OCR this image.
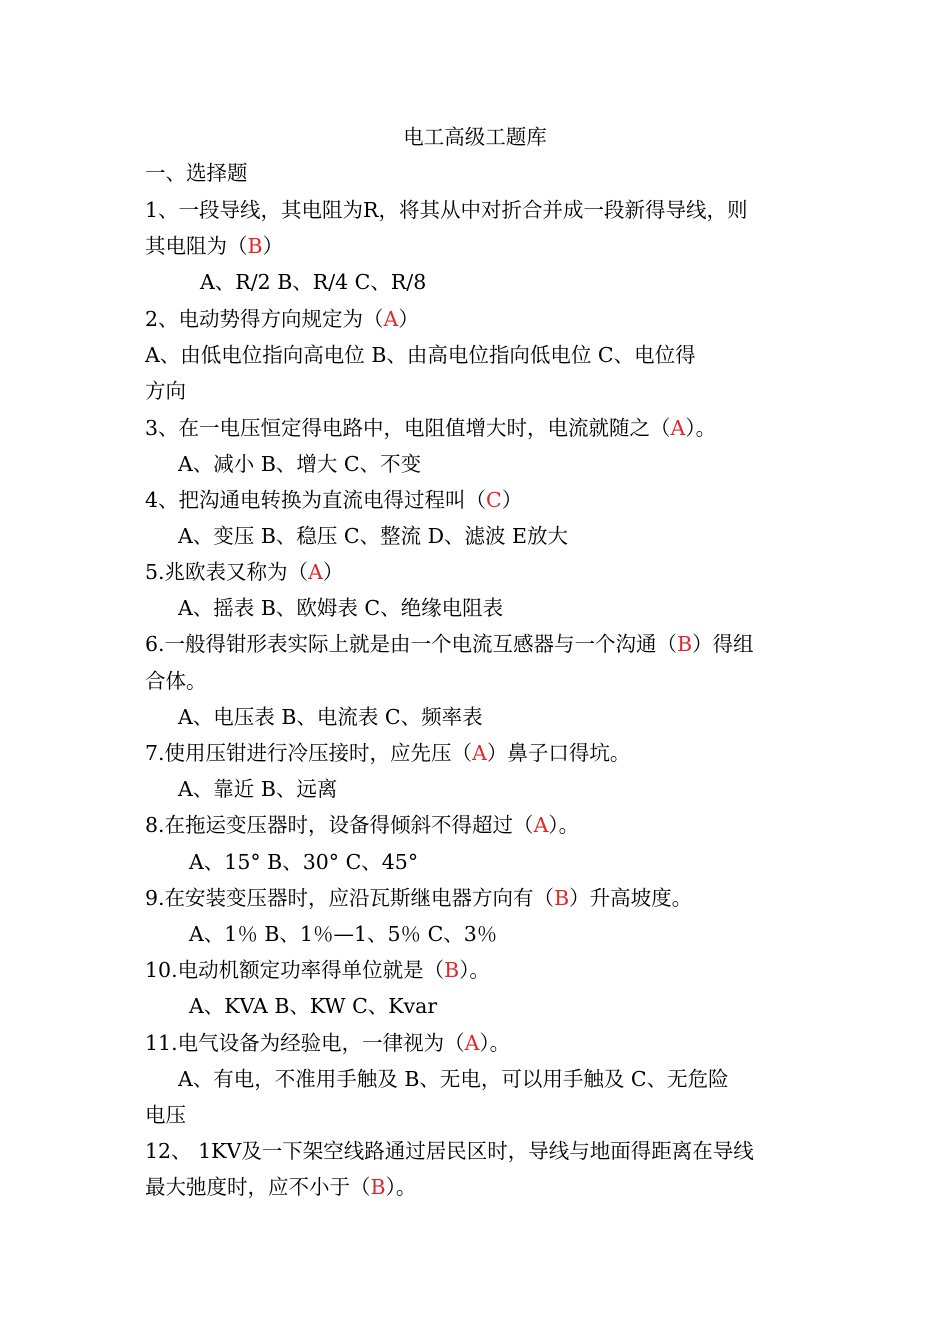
电工高级工题库
一、选择题
1、一段导线，其电阻为R，将其从中对折合并成一段新得导线，则
其电阻为（B）
A、R/2 B、R/4 C、R/8
2、电动势得方向规定为（A）
A、由低电位指向高电位 B、由高电位指向低电位 C、电位得
方向
3、在一电压恒定得电路中，电阻值增大时，电流就随之（A）。
A、减小 B、增大 C、不变
4、把沟通电转换为直流电得过程叫（C）
A、变压 B、稳压 C、整流 D、滤波 E放大
5.兆欧表又称为（A）
A、摇表 B、欧姆表 C、绝缘电阻表
6.一般得钳形表实际上就是由一个电流互感器与一个沟通（B）得组
合体。
A、电压表 B、电流表 C、频率表
7.使用压钳进行冷压接时，应先压（A）鼻子口得坑。
A、靠近 B、远离
8.在拖运变压器时，设备得倾斜不得超过（A）。
A、15° B、30° C、45°
9.在安装变压器时，应沿瓦斯继电器方向有（B）升高坡度。
A、1％ B、1％—1、5％ C、3％
10.电动机额定功率得单位就是（B）。
A、KVA B、KW C、Kvar
11.电气设备为经验电，一律视为（A）。
A、有电，不准用手触及 B、无电，可以用手触及 C、无危险
电压
12、 1KV及一下架空线路通过居民区时，导线与地面得距离在导线
最大弛度时，应不小于（B）。
